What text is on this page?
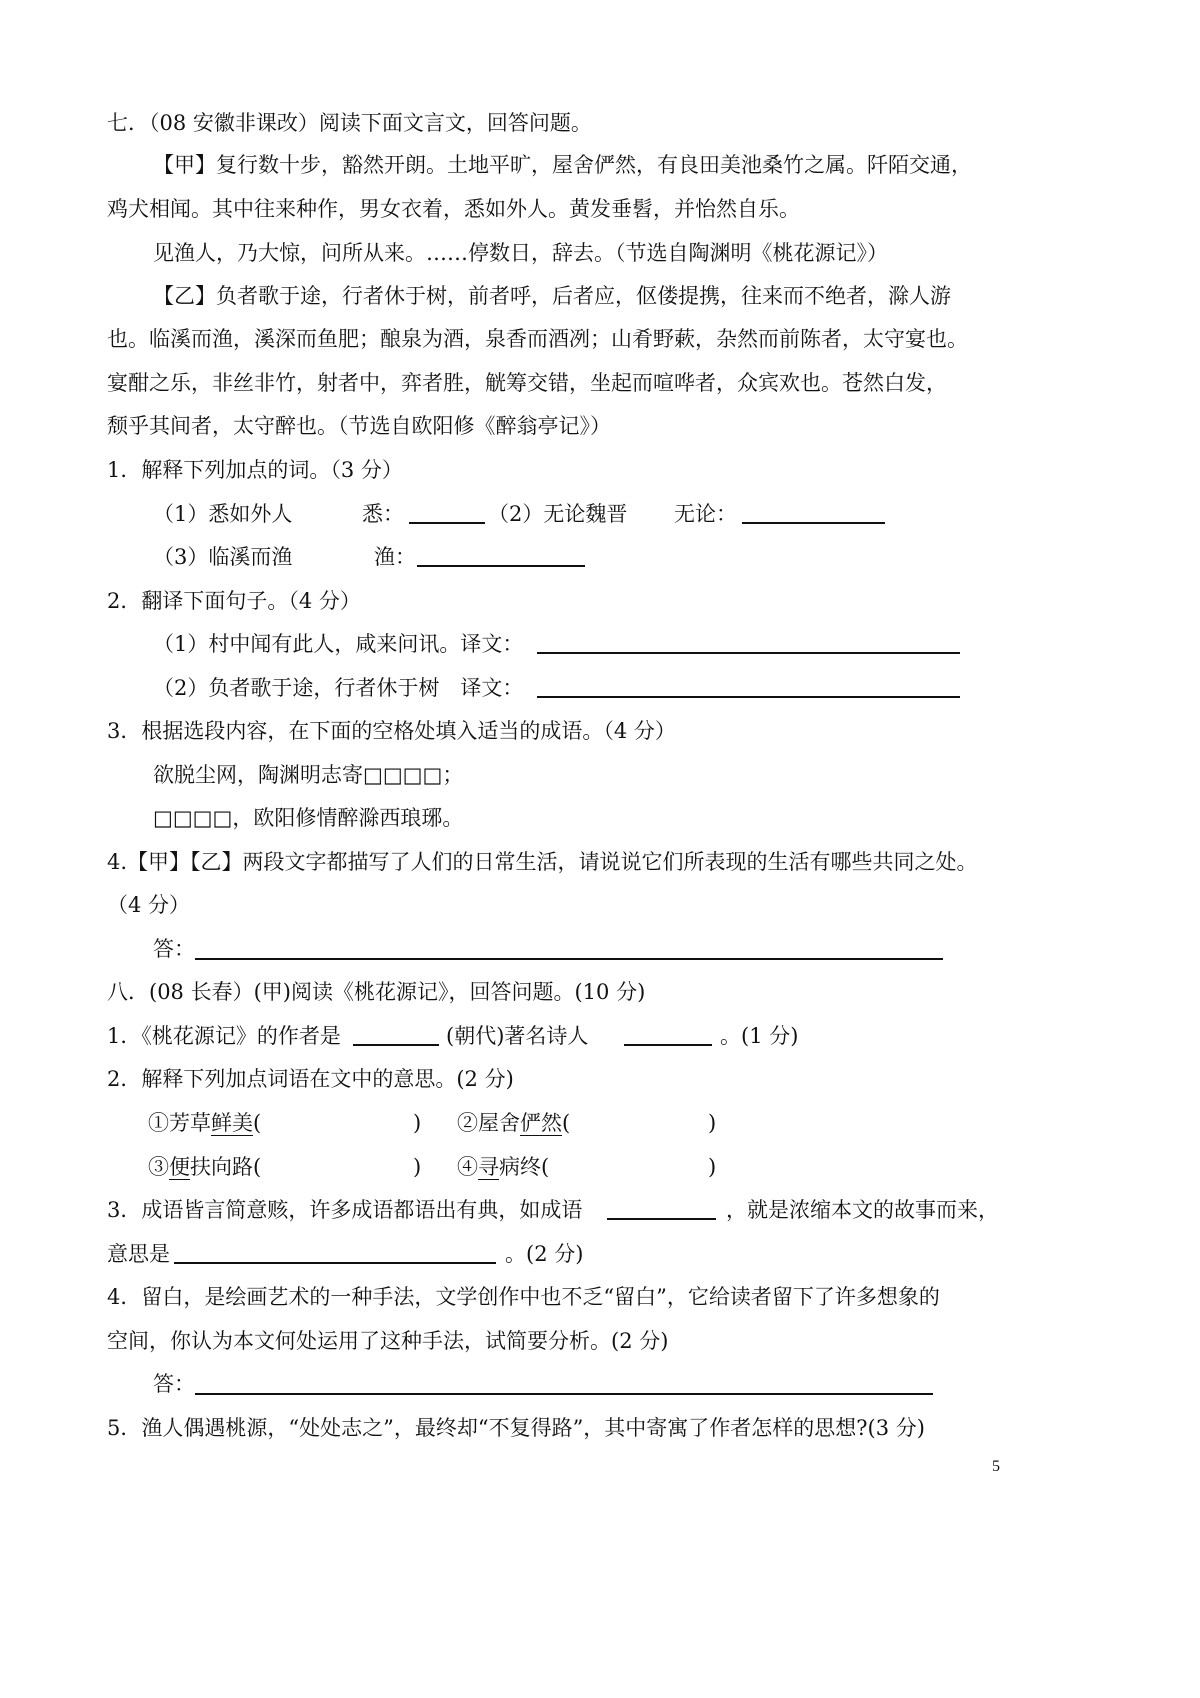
七．（08 安徽非课改）阅读下面文言文，回答问题。
【甲】复行数十步，豁然开朗。土地平旷，屋舍俨然，有良田美池桑竹之属。阡陌交通，
鸡犬相闻。其中往来种作，男女衣着，悉如外人。黄发垂髫，并怡然自乐。
见渔人，乃大惊，问所从来。……停数日，辞去。（节选自陶渊明《桃花源记》）
【乙】负者歌于途，行者休于树，前者呼，后者应，伛偻提携，往来而不绝者，滁人游
也。临溪而渔，溪深而鱼肥；酿泉为酒，泉香而酒冽；山肴野蔌，杂然而前陈者，太守宴也。
宴酣之乐，非丝非竹，射者中，弈者胜，觥筹交错，坐起而喧哗者，众宾欢也。苍然白发，
颓乎其间者，太守醉也。（节选自欧阳修《醉翁亭记》）
1．解释下列加点的词。（3 分）
（1）悉如外人	悉：	（2）无论魏晋 无论：
（3）临溪而渔	渔：
2．翻译下面句子。（4 分）
（1）村中闻有此人，咸来问讯。译文：
（2）负者歌于途，行者休于树　译文：
3．根据选段内容，在下面的空格处填入适当的成语。（4 分）
欲脱尘网，陶渊明志寄□□□□；
□□□□，欧阳修情醉滁西琅琊。
4.【甲】【乙】两段文字都描写了人们的日常生活，请说说它们所表现的生活有哪些共同之处。
（4 分）
答：
八．(08 长春）(甲)阅读《桃花源记》，回答问题。(10 分)
1．《桃花源记》的作者是	(朝代)著名诗人	。(1 分)
2．解释下列加点词语在文中的意思。(2 分)
①芳草鲜美(	) ②屋舍俨然(	)
③便扶向路(	) ④寻病终(	)
3．成语皆言简意赅，许多成语都语出有典，如成语	，就是浓缩本文的故事而来，
意思是	。(2 分)
4．留白，是绘画艺术的一种手法，文学创作中也不乏“留白”，它给读者留下了许多想象的
空间，你认为本文何处运用了这种手法，试简要分析。(2 分)
答：
5．渔人偶遇桃源，“处处志之”，最终却“不复得路”，其中寄寓了作者怎样的思想?(3 分)
5
